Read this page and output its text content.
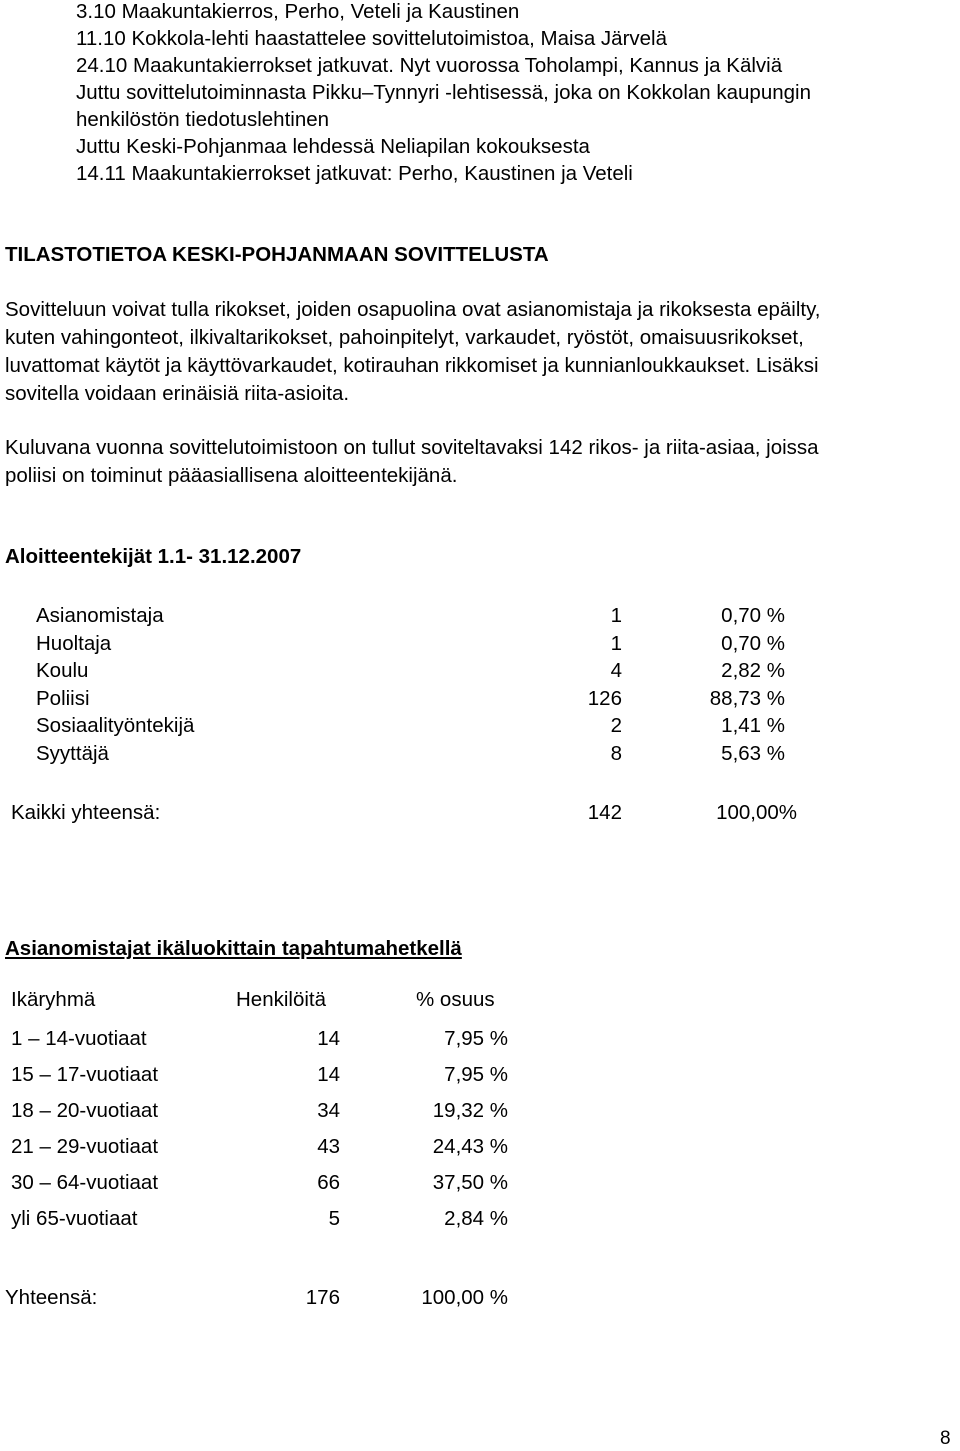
3.10 Maakuntakierros, Perho, Veteli ja Kaustinen
11.10 Kokkola-lehti haastattelee sovittelutoimistoa, Maisa Järvelä
24.10 Maakuntakierrokset jatkuvat. Nyt vuorossa Toholampi, Kannus ja Kälviä
Juttu sovittelutoiminnasta Pikku–Tynnyri -lehtisessä, joka on Kokkolan kaupungin
henkilöstön tiedotuslehtinen
Juttu Keski-Pohjanmaa lehdessä Neliapilan kokouksesta
14.11 Maakuntakierrokset jatkuvat: Perho, Kaustinen ja Veteli
TILASTOTIETOA KESKI-POHJANMAAN SOVITTELUSTA
Sovitteluun voivat tulla rikokset, joiden osapuolina ovat asianomistaja ja rikoksesta epäilty,
kuten vahingonteot, ilkivaltarikokset, pahoinpitelyt, varkaudet, ryöstöt, omaisuusrikokset,
luvattomat käytöt ja käyttövarkaudet, kotirauhan rikkomiset ja kunnianloukkaukset. Lisäksi
sovitella voidaan erinäisiä riita-asioita.
Kuluvana vuonna sovittelutoimistoon on tullut soviteltavaksi 142 rikos- ja riita-asiaa, joissa
poliisi on toiminut pääasiallisena aloitteentekijänä.
Aloitteentekijät 1.1- 31.12.2007
Asianomistaja	1	0,70 %
Huoltaja	1	0,70 %
Koulu	4	2,82 %
Poliisi	126	88,73 %
Sosiaalityöntekijä	2	1,41 %
Syyttäjä	8	5,63 %
Kaikki yhteensä:	142	100,00%
Asianomistajat ikäluokittain tapahtumahetkellä
Ikäryhmä	Henkilöitä	% osuus
1 – 14-vuotiaat	14	7,95 %
15 – 17-vuotiaat	14	7,95 %
18 – 20-vuotiaat	34	19,32 %
21 – 29-vuotiaat	43	24,43 %
30 – 64-vuotiaat	66	37,50 %
yli 65-vuotiaat	5	2,84 %
Yhteensä:	176	100,00 %
8
